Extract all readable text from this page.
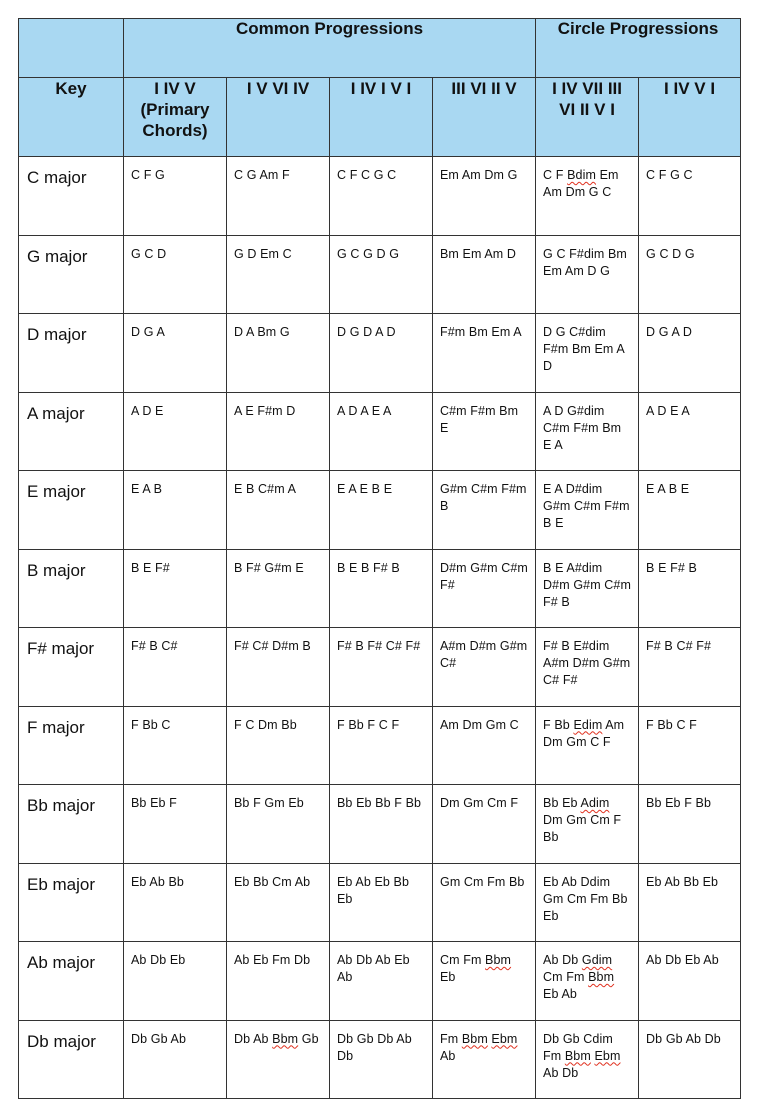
	Common Progressions				Circle Progressions	
Key	I IV V (Primary Chords)	I V VI IV	I IV I V I	III VI II V	I IV VII III VI II V I	I IV V I
C major	C F G	C G Am F	C F C G C	Em Am Dm G	C F Bdim Em Am Dm G C	C F G C
G major	G C D	G D Em C	G C G D G	Bm Em Am D	G C F#dim Bm Em Am D G	G C D G
D major	D G A	D A Bm G	D G D A D	F#m Bm Em A	D G C#dim F#m Bm Em A D	D G A D
A major	A D E	A E F#m D	A D A E A	C#m F#m Bm E	A D G#dim C#m F#m Bm E A	A D E A
E major	E A B	E B C#m A	E A E B E	G#m C#m F#m B	E A D#dim G#m C#m F#m B E	E A B E
B major	B E F#	B F# G#m E	B E B F# B	D#m G#m C#m F#	B E A#dim D#m G#m C#m F# B	B E F# B
F# major	F# B C#	F# C# D#m B	F# B F# C# F#	A#m D#m G#m C#	F# B E#dim A#m D#m G#m C# F#	F# B C# F#
F major	F Bb C	F C Dm Bb	F Bb F C F	Am Dm Gm C	F Bb Edim Am Dm Gm C F	F Bb C F
Bb major	Bb Eb F	Bb F Gm Eb	Bb Eb Bb F Bb	Dm Gm Cm F	Bb Eb Adim Dm Gm Cm F Bb	Bb Eb F Bb
Eb major	Eb Ab Bb	Eb Bb Cm Ab	Eb Ab Eb Bb Eb	Gm Cm Fm Bb	Eb Ab Ddim Gm Cm Fm Bb Eb	Eb Ab Bb Eb
Ab major	Ab Db Eb	Ab Eb Fm Db	Ab Db Ab Eb Ab	Cm Fm Bbm Eb	Ab Db Gdim Cm Fm Bbm Eb Ab	Ab Db Eb Ab
Db major	Db Gb Ab	Db Ab Bbm Gb	Db Gb Db Ab Db	Fm Bbm Ebm Ab	Db Gb Cdim Fm Bbm Ebm Ab Db	Db Gb Ab Db
